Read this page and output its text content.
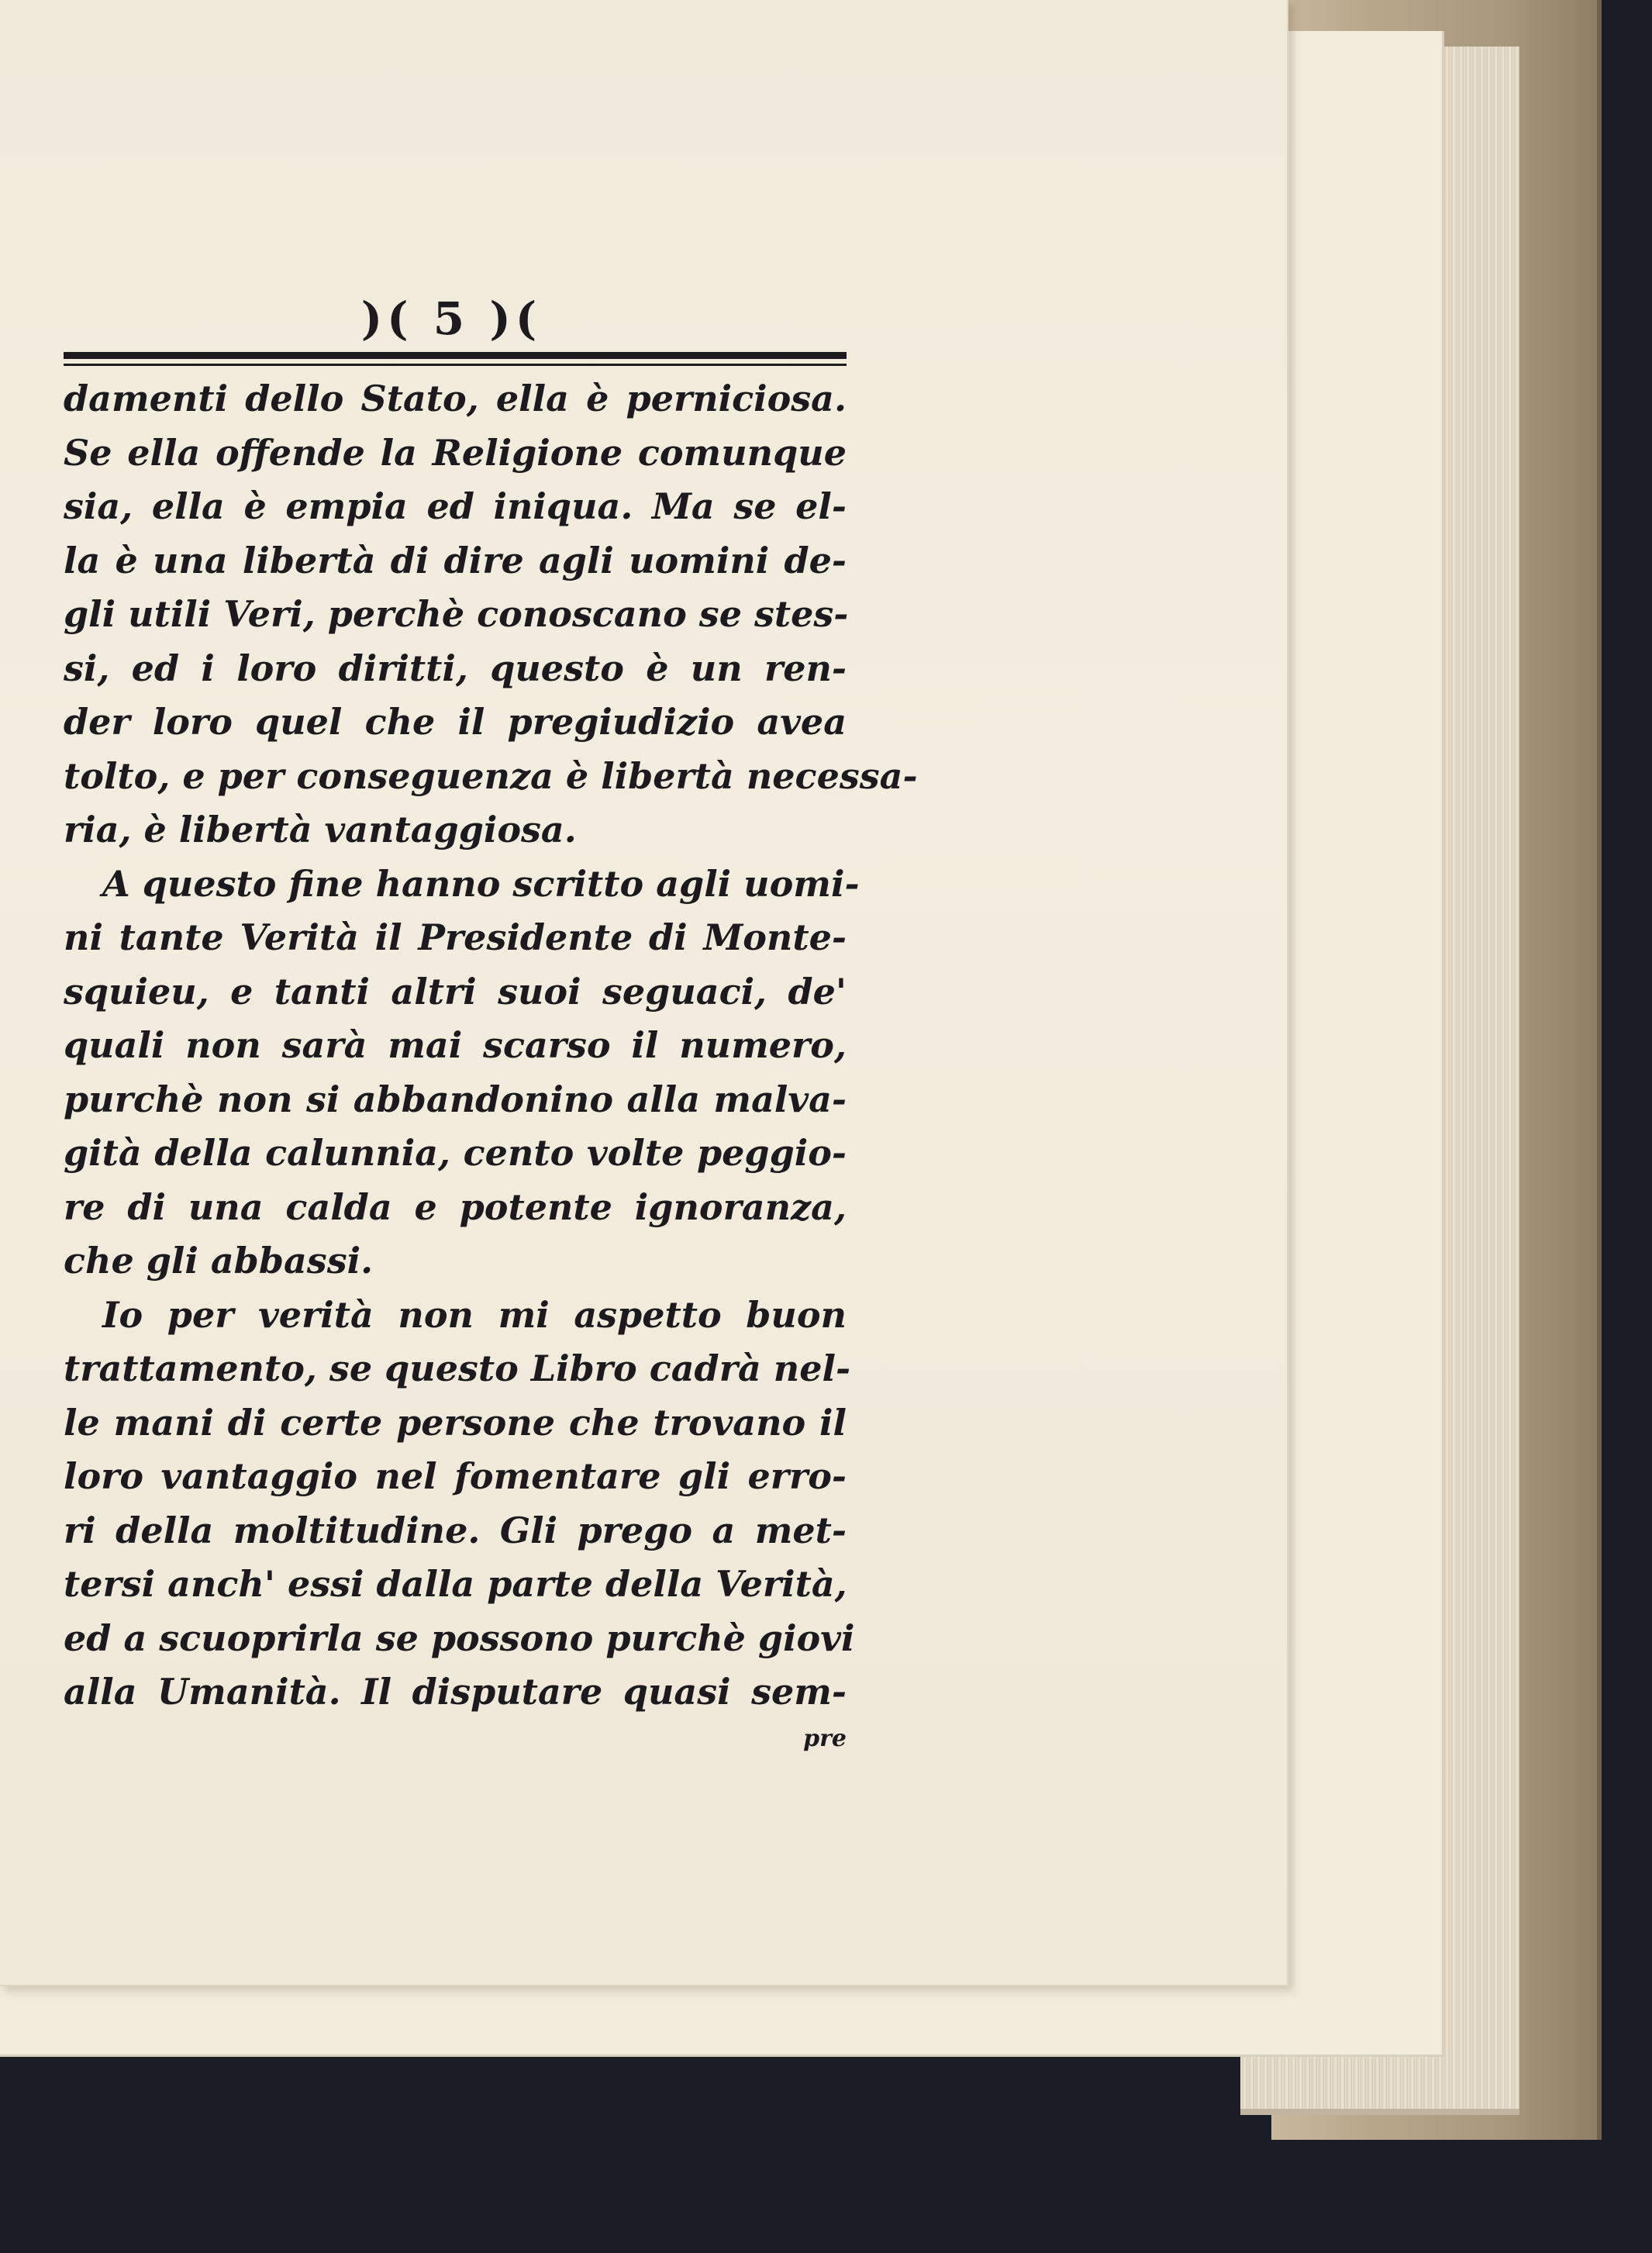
)( 5 )(
damenti dello Stato, ella è perniciosa.
Se ella offende la Religione comunque
sia, ella è empia ed iniqua. Ma se el-
la è una libertà di dire agli uomini de-
gli utili Veri, perchè conoscano se stes-
si, ed i loro diritti, questo è un ren-
der loro quel che il pregiudizio avea
tolto, e per conseguenza è libertà necessa-
ria, è libertà vantaggiosa.
A questo fine hanno scritto agli uomi-
ni tante Verità il Presidente di Monte-
squieu, e tanti altri suoi seguaci, de'
quali non sarà mai scarso il numero,
purchè non si abbandonino alla malva-
gità della calunnia, cento volte peggio-
re di una calda e potente ignoranza,
che gli abbassi.
Io per verità non mi aspetto buon
trattamento, se questo Libro cadrà nel-
le mani di certe persone che trovano il
loro vantaggio nel fomentare gli erro-
ri della moltitudine. Gli prego a met-
tersi anch' essi dalla parte della Verità,
ed a scuoprirla se possono purchè giovi
alla Umanità. Il disputare quasi sem-
pre
